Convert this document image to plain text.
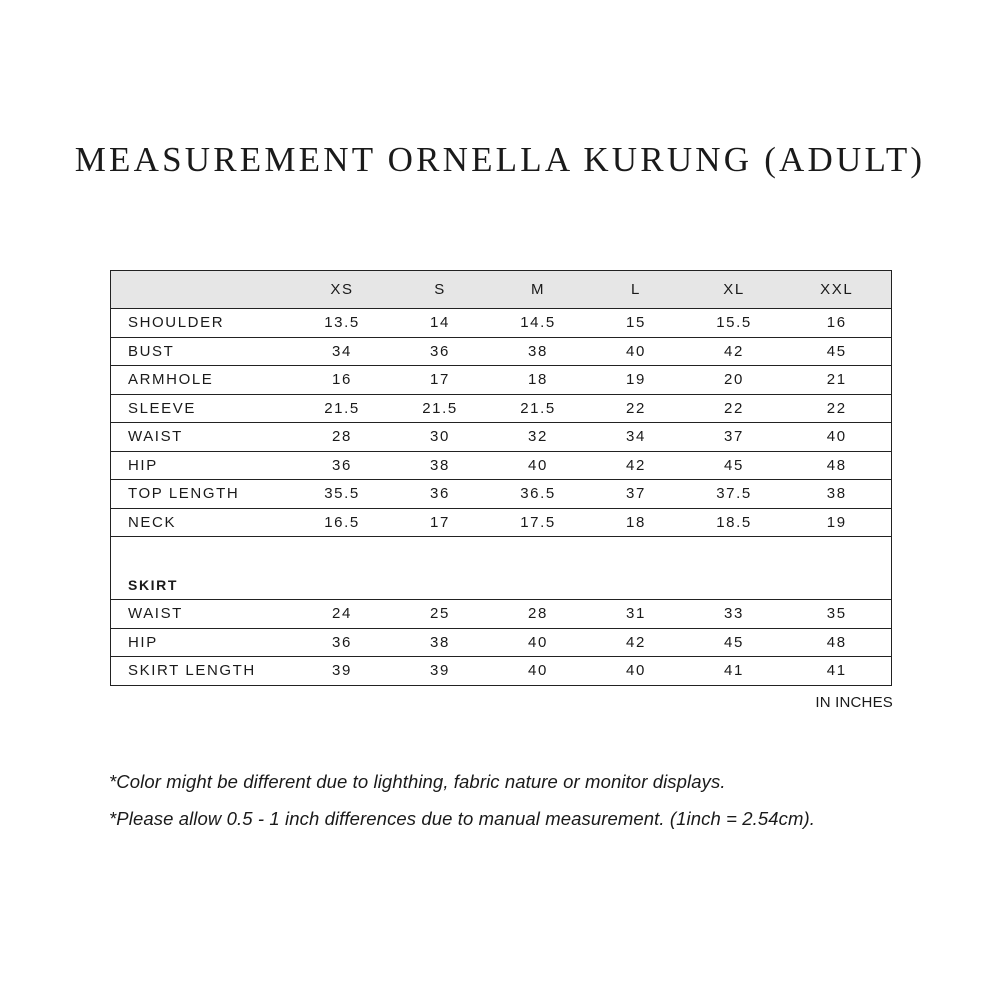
MEASUREMENT ORNELLA KURUNG (ADULT)
	XS	S	M	L	XL	XXL
SHOULDER	13.5	14	14.5	15	15.5	16
BUST	34	36	38	40	42	45
ARMHOLE	16	17	18	19	20	21
SLEEVE	21.5	21.5	21.5	22	22	22
WAIST	28	30	32	34	37	40
HIP	36	38	40	42	45	48
TOP LENGTH	35.5	36	36.5	37	37.5	38
NECK	16.5	17	17.5	18	18.5	19
SKIRT						
WAIST	24	25	28	31	33	35
HIP	36	38	40	42	45	48
SKIRT LENGTH	39	39	40	40	41	41
IN INCHES
*Color might be different due to lighthing, fabric nature or monitor displays.
*Please allow 0.5 - 1 inch differences due to manual measurement. (1inch = 2.54cm).
